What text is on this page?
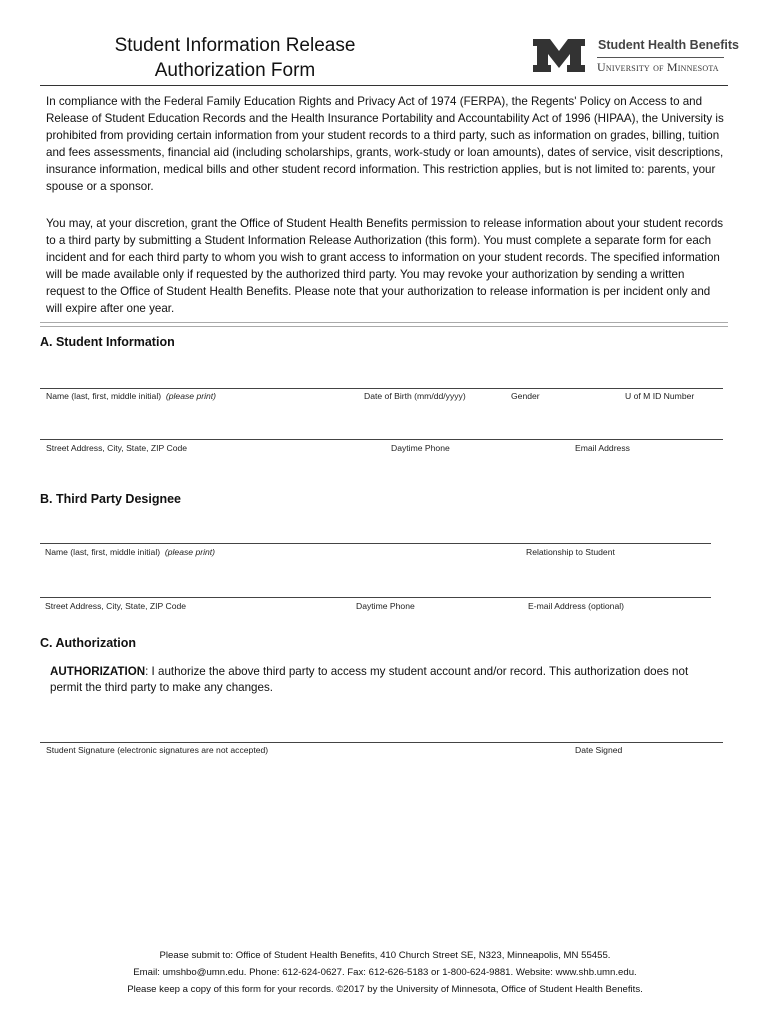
Student Information Release
Authorization Form
Student Health Benefits
University of Minnesota
In compliance with the Federal Family Education Rights and Privacy Act of 1974 (FERPA), the Regents' Policy on Access to and Release of Student Education Records and the Health Insurance Portability and Accountability Act of 1996 (HIPAA), the University is prohibited from providing certain information from your student records to a third party, such as information on grades, billing, tuition and fees assessments, financial aid (including scholarships, grants, work-study or loan amounts), dates of service, visit descriptions, insurance information, medical bills and other student record information. This restriction applies, but is not limited to: parents, your spouse or a sponsor.
You may, at your discretion, grant the Office of Student Health Benefits permission to release information about your student records to a third party by submitting a Student Information Release Authorization (this form). You must complete a separate form for each incident and for each third party to whom you wish to grant access to information on your student records. The specified information will be made available only if requested by the authorized third party. You may revoke your authorization by sending a written request to the Office of Student Health Benefits. Please note that your authorization to release information is per incident only and will expire after one year.
A. Student Information
Name (last, first, middle initial) (please print)	Date of Birth (mm/dd/yyyy)	Gender	U of M ID Number
Street Address, City, State, ZIP Code	Daytime Phone	Email Address
B. Third Party Designee
Name (last, first, middle initial) (please print)	Relationship to Student
Street Address, City, State, ZIP Code	Daytime Phone	E-mail Address (optional)
C. Authorization
AUTHORIZATION: I authorize the above third party to access my student account and/or record. This authorization does not permit the third party to make any changes.
Student Signature (electronic signatures are not accepted)	Date Signed
Please submit to: Office of Student Health Benefits, 410 Church Street SE, N323, Minneapolis, MN 55455.
Email: umshbo@umn.edu. Phone: 612-624-0627. Fax: 612-626-5183 or 1-800-624-9881. Website: www.shb.umn.edu.
Please keep a copy of this form for your records. ©2017 by the University of Minnesota, Office of Student Health Benefits.
